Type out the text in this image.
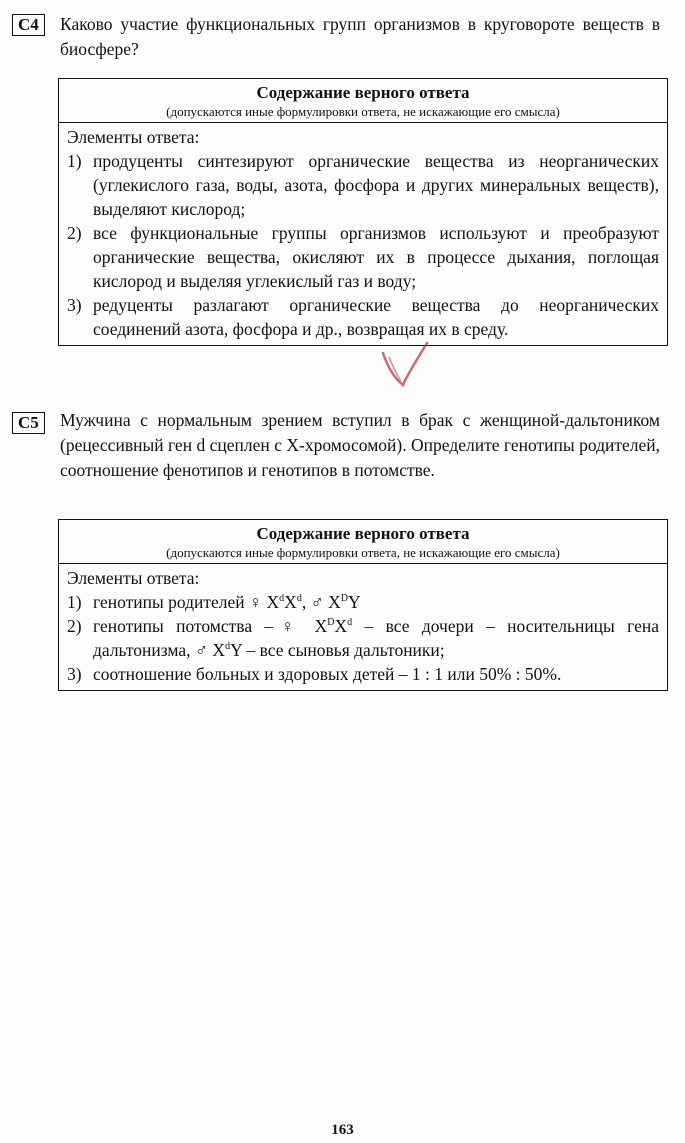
С4	Каково участие функциональных групп организмов в круговороте веществ в биосфере?
Содержание верного ответа
(допускаются иные формулировки ответа, не искажающие его смысла)
Элементы ответа:
1) продуценты синтезируют органические вещества из неорганических (углекислого газа, воды, азота, фосфора и других минеральных веществ), выделяют кислород;
2) все функциональные группы организмов используют и преобразуют органические вещества, окисляют их в процессе дыхания, поглощая кислород и выделяя углекислый газ и воду;
3) редуценты разлагают органические вещества до неорганических соединений азота, фосфора и др., возвращая их в среду.
С5	Мужчина с нормальным зрением вступил в брак с женщиной-дальтоником (рецессивный ген d сцеплен с Х-хромосомой). Определите генотипы родителей, соотношение фенотипов и генотипов в потомстве.
Содержание верного ответа
(допускаются иные формулировки ответа, не искажающие его смысла)
Элементы ответа:
1) генотипы родителей ♀ $X^dX^d$, ♂ $X^DY$
2) генотипы потомства –♀ $X^DX^d$ – все дочери – носительницы гена дальтонизма, ♂ $X^dY$ – все сыновья дальтоники;
3) соотношение больных и здоровых детей – 1 : 1 или 50% : 50%.
163
